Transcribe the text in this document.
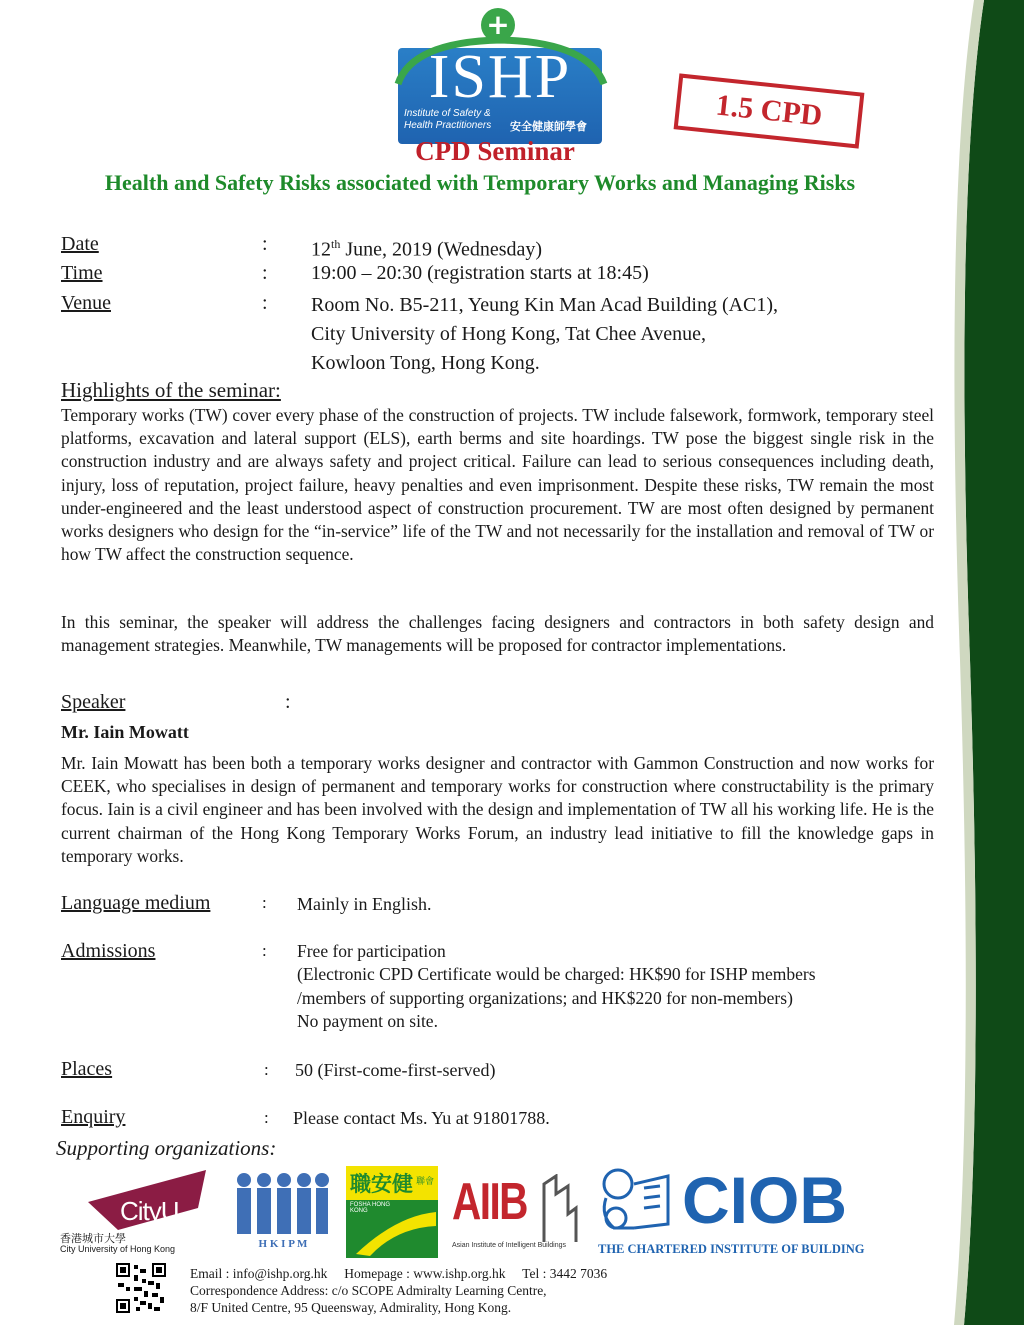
+
ISHP
Institute of Safety &
Health Practitioners	安全健康師學會	1.5 CPD
CPD Seminar
Health and Safety Risks associated with Temporary Works and Managing Risks
Date	: 12th June, 2019 (Wednesday)
Time	: 19:00 – 20:30 (registration starts at 18:45)
Venue	: Room No. B5-211, Yeung Kin Man Acad Building (AC1),
City University of Hong Kong, Tat Chee Avenue,
Kowloon Tong, Hong Kong.
Highlights of the seminar:
Temporary works (TW) cover every phase of the construction of projects. TW include falsework, formwork, temporary steel platforms, excavation and lateral support (ELS), earth berms and site hoardings. TW pose the biggest single risk in the construction industry and are always safety and project critical. Failure can lead to serious consequences including death, injury, loss of reputation, project failure, heavy penalties and even imprisonment. Despite these risks, TW remain the most under-engineered and the least understood aspect of construction procurement. TW are most often designed by permanent works designers who design for the “in-service” life of the TW and not necessarily for the installation and removal of TW or how TW affect the construction sequence.
In this seminar, the speaker will address the challenges facing designers and contractors in both safety design and management strategies. Meanwhile, TW managements will be proposed for contractor implementations.
Speaker	:
Mr. Iain Mowatt
Mr. Iain Mowatt has been both a temporary works designer and contractor with Gammon Construction and now works for CEEK, who specialises in design of permanent and temporary works for construction where constructability is the primary focus. Iain is a civil engineer and has been involved with the design and implementation of TW all his working life. He is the current chairman of the Hong Kong Temporary Works Forum, an industry lead initiative to fill the knowledge gaps in temporary works.
Language medium	: Mainly in English.
Admissions	: Free for participation
(Electronic CPD Certificate would be charged: HK$90 for ISHP members
/members of supporting organizations; and HK$220 for non-members)
No payment on site.
Places	: 50 (First-come-first-served)
Enquiry	: Please contact Ms. Yu at 91801788.
Supporting organizations:
CityU
香港城市大學
City University of Hong Kong	H K I P M
職安健 聯會
FOSHA HONG KONG	AIIB
Asian Institute of Intelligent Buildings
CIOB
THE CHARTERED INSTITUTE OF BUILDING
Email : info@ishp.org.hk     Homepage : www.ishp.org.hk     Tel : 3442 7036
Correspondence Address: c/o SCOPE Admiralty Learning Centre,
8/F United Centre, 95 Queensway, Admirality, Hong Kong.
